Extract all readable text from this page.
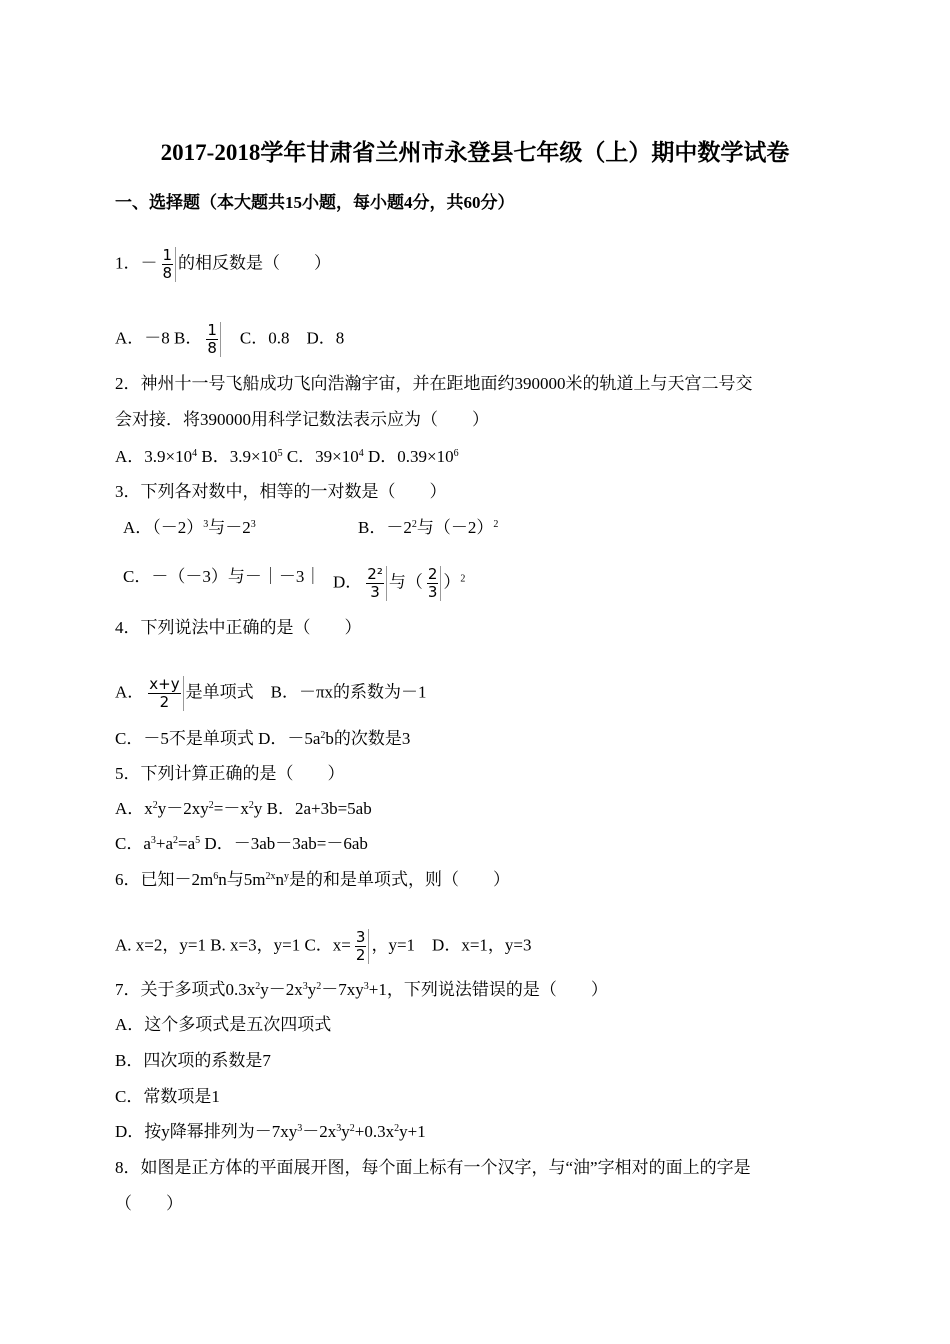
2017-2018学年甘肃省兰州市永登县七年级（上）期中数学试卷
一、选择题（本大题共15小题，每小题4分，共60分）
1．－ $\frac{1}{8}$ 的相反数是（　　）
A．－8 B． $\frac{1}{8}$ 　C．0.8　D．8
2．神州十一号飞船成功飞向浩瀚宇宙，并在距地面约390000米的轨道上与天宫二号交
会对接．将390000用科学记数法表示应为（　　）
A．$3.9\times 10^4$ B．$3.9\times 10^5$ C．$39\times 10^4$ D．$0.39\times 10^6$
3．下列各对数中，相等的一对数是（　　）
A．$(-2)^3$与$-2^3$	B．$-2^2$与$(-2)^2$
C．－（－3）与－｜－3｜ D． $\frac{\text{2²}}{3}$ 与（ $\frac{2}{3} )^2$
4．下列说法中正确的是（　　）
A． $\frac{x+y}{2}$ 是单项式　B．－πx的系数为－1
C．－5不是单项式 D．$-5a^2b$的次数是3
5．下列计算正确的是（　　）
A．$x^2y-2xy^2=-x^2y$ B．2a+3b=5ab
C．$a^3+a^2=a^5$ D．－3ab－3ab=－6ab
6．已知$-2m^6n$与$5m^{2x}n^y$是的和是单项式，则（　　）
A. x=2，y=1 B. x=3，y=1 C．$x= \frac{3}{2}$ ，y=1　D．x=1，y=3
7．关于多项式$0.3x^2y-2x^3y^2-7xy^3+1$，下列说法错误的是（　　）
A．这个多项式是五次四项式
B．四次项的系数是7
C．常数项是1
D．按y降幂排列为$-7xy^3-2x^3y^2+0.3x^2y+1$
8．如图是正方体的平面展开图，每个面上标有一个汉字，与“油”字相对的面上的字是
（　　）
